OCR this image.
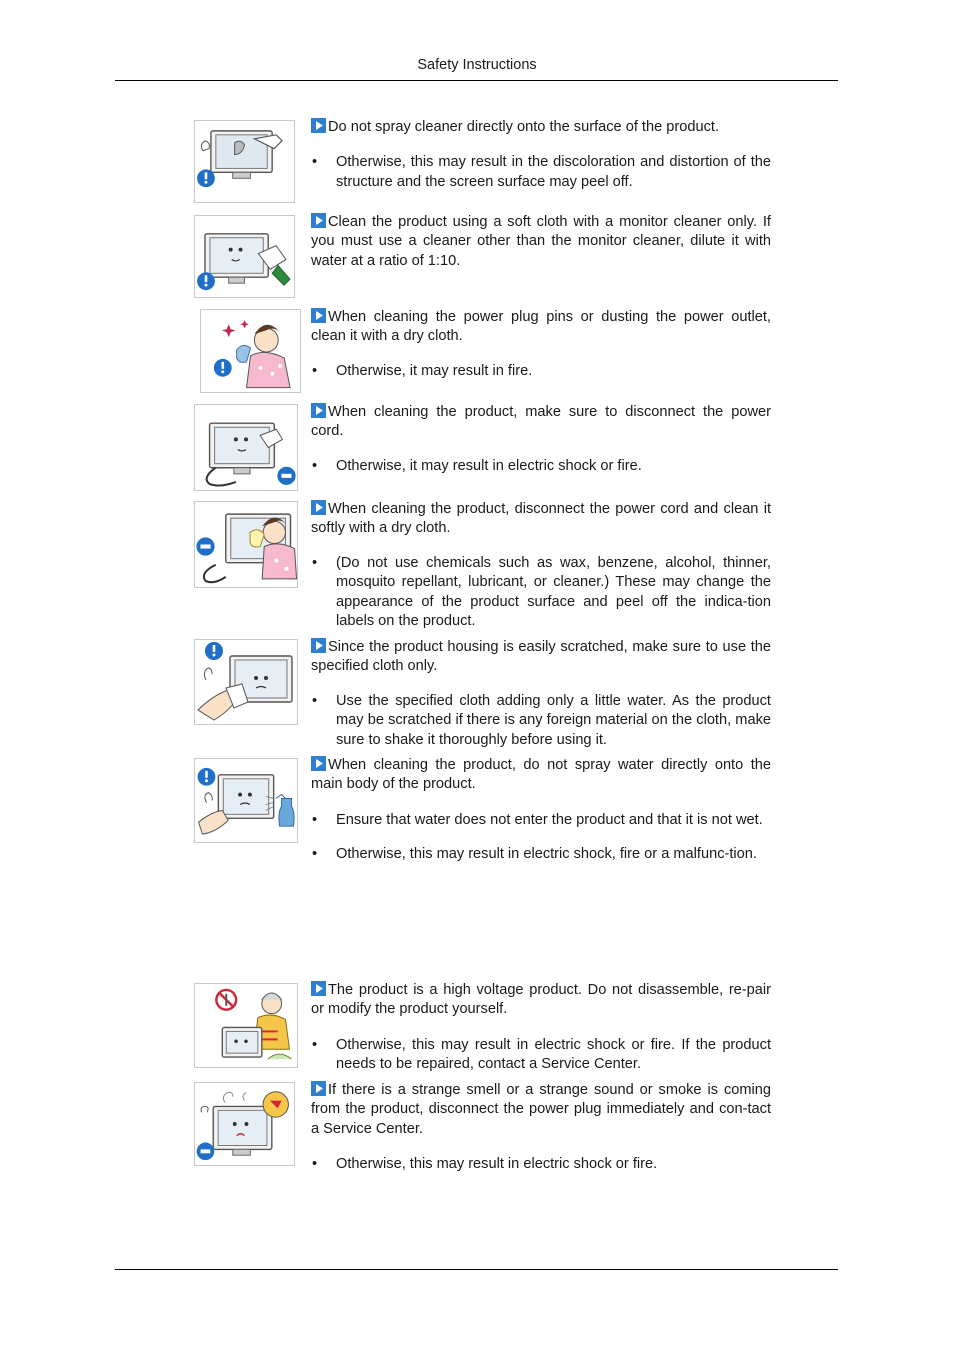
Safety Instructions

Do not spray cleaner directly onto the surface of the product.

• Otherwise, this may result in the discoloration and distortion of the structure and the screen surface may peel off.

Clean the product using a soft cloth with a monitor cleaner only. If you must use a cleaner other than the monitor cleaner, dilute it with water at a ratio of 1:10.

When cleaning the power plug pins or dusting the power outlet, clean it with a dry cloth.

• Otherwise, it may result in fire.

When cleaning the product, make sure to disconnect the power cord.

• Otherwise, it may result in electric shock or fire.

When cleaning the product, disconnect the power cord and clean it softly with a dry cloth.

• (Do not use chemicals such as wax, benzene, alcohol, thinner, mosquito repellant, lubricant, or cleaner.) These may change the appearance of the product surface and peel off the indica-tion labels on the product.

Since the product housing is easily scratched, make sure to use the specified cloth only.

• Use the specified cloth adding only a little water. As the product may be scratched if there is any foreign material on the cloth, make sure to shake it thoroughly before using it.

When cleaning the product, do not spray water directly onto the main body of the product.

• Ensure that water does not enter the product and that it is not wet.

• Otherwise, this may result in electric shock, fire or a malfunc-tion.

The product is a high voltage product. Do not disassemble, re-pair or modify the product yourself.

• Otherwise, this may result in electric shock or fire. If the product needs to be repaired, contact a Service Center.

If there is a strange smell or a strange sound or smoke is coming from the product, disconnect the power plug immediately and con-tact a Service Center.

• Otherwise, this may result in electric shock or fire.
